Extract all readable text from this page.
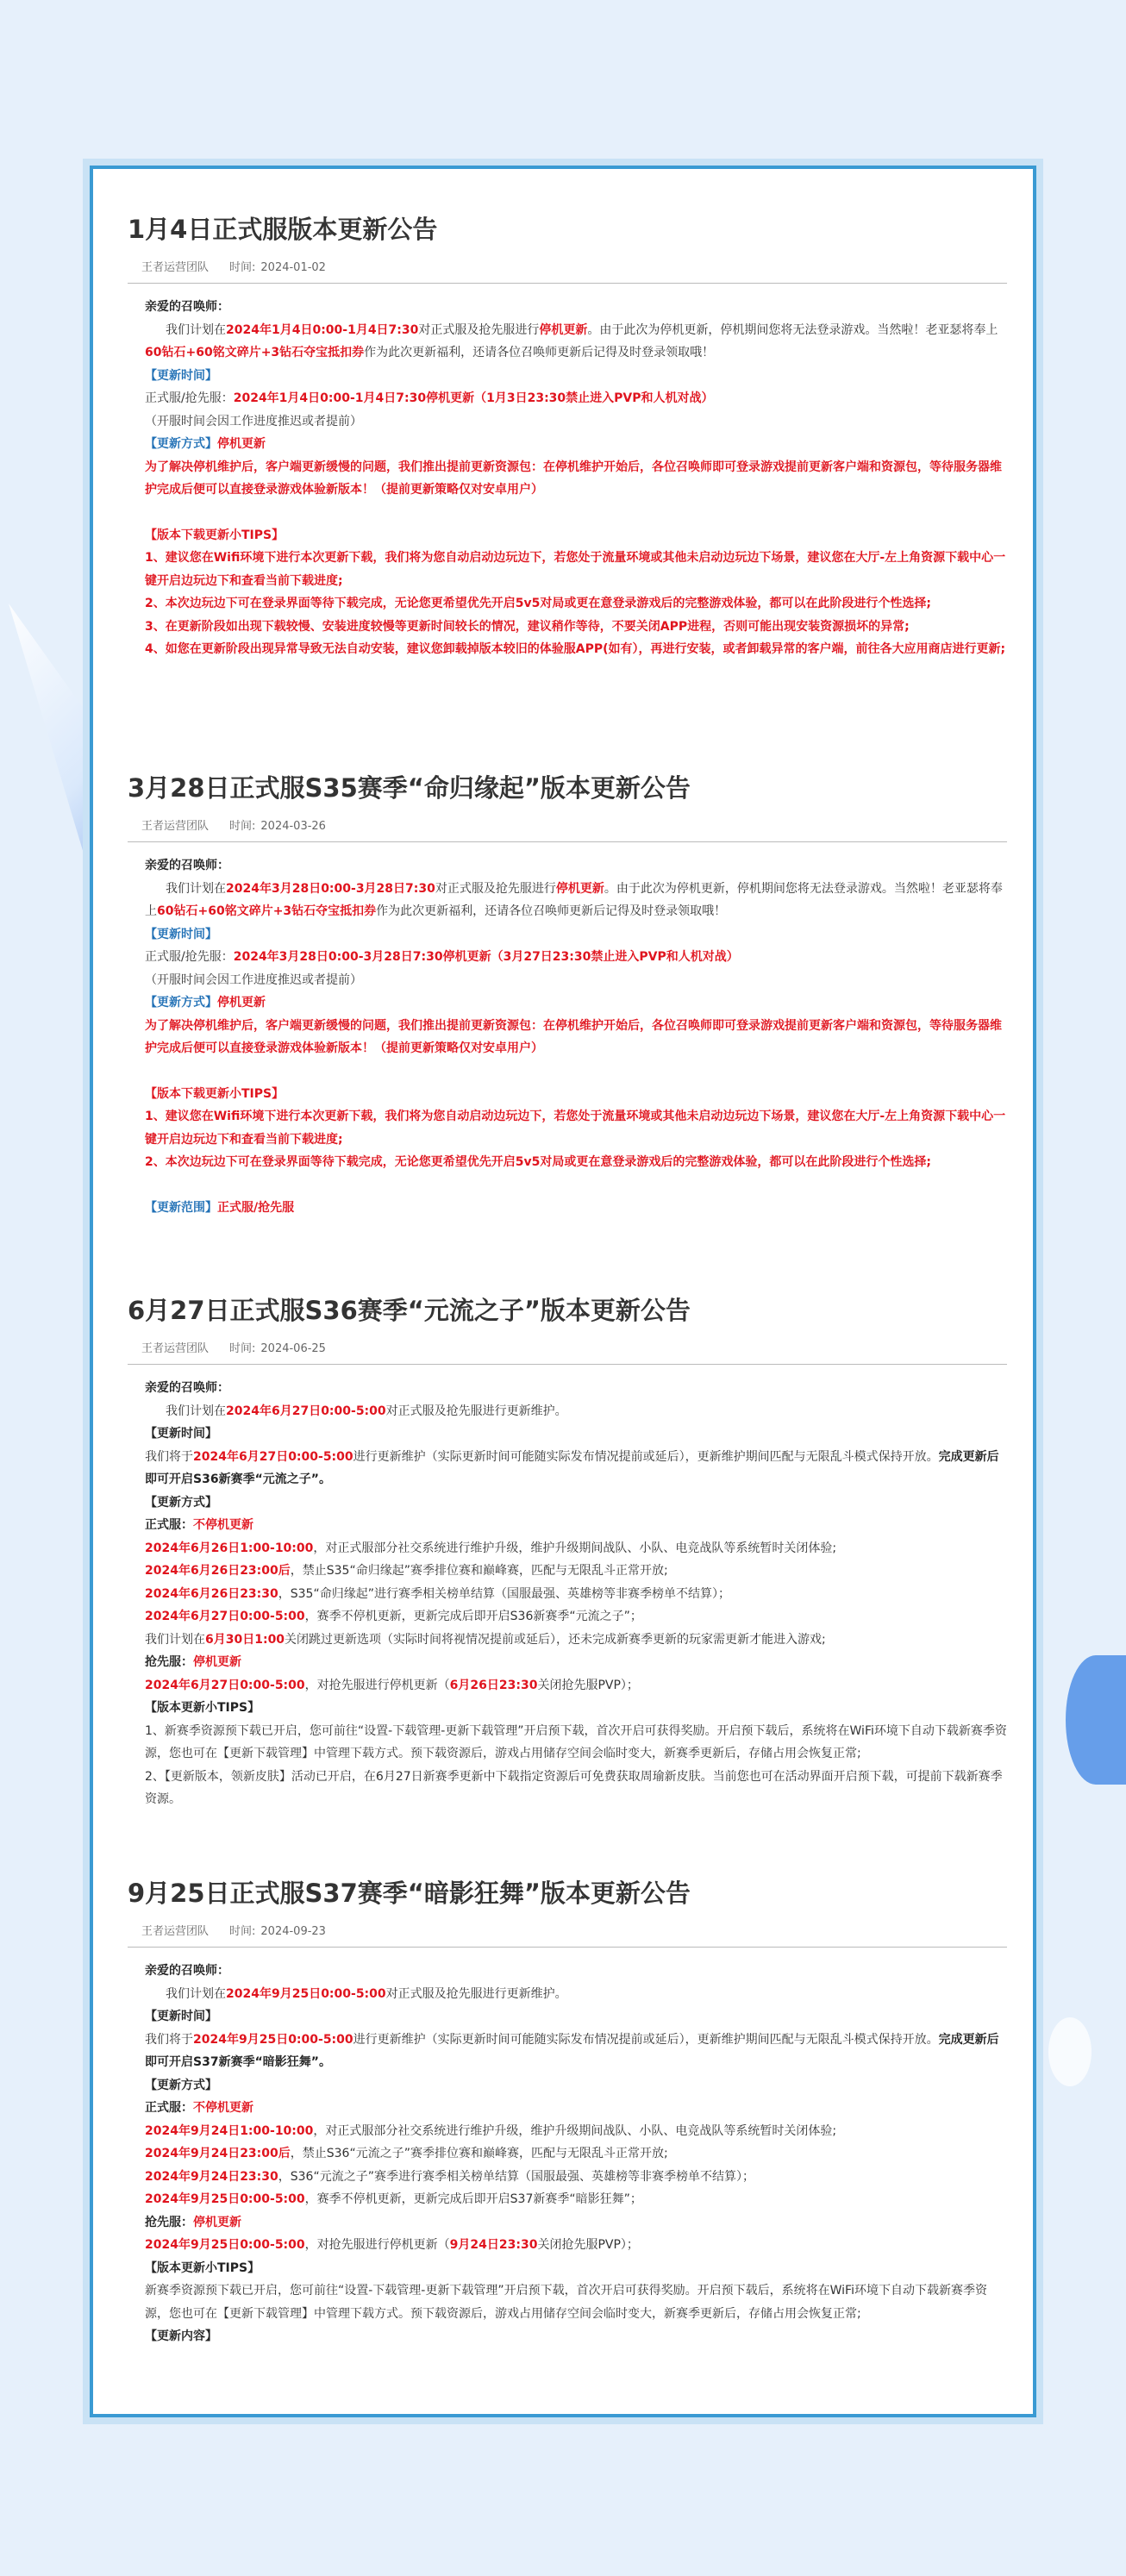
1月4日正式服版本更新公告
王者运营团队 时间: 2024-01-02

亲爱的召唤师：

我们计划在2024年1月4日0:00-1月4日7:30对正式服及抢先服进行停机更新。由于此次为停机更新，停机期间您将无法登录游戏。当然啦！老亚瑟将奉上60钻石+60铭文碎片+3钻石夺宝抵扣券作为此次更新福利，还请各位召唤师更新后记得及时登录领取哦！

【更新时间】

正式服/抢先服：2024年1月4日0:00-1月4日7:30停机更新（1月3日23:30禁止进入PVP和人机对战）

（开服时间会因工作进度推迟或者提前）

【更新方式】停机更新

为了解决停机维护后，客户端更新缓慢的问题，我们推出提前更新资源包：在停机维护开始后，各位召唤师即可登录游戏提前更新客户端和资源包，等待服务器维护完成后便可以直接登录游戏体验新版本！（提前更新策略仅对安卓用户）

【版本下载更新小TIPS】

1、建议您在Wifi环境下进行本次更新下载，我们将为您自动启动边玩边下，若您处于流量环境或其他未启动边玩边下场景，建议您在大厅-左上角资源下载中心一键开启边玩边下和查看当前下载进度;

2、本次边玩边下可在登录界面等待下载完成，无论您更希望优先开启5v5对局或更在意登录游戏后的完整游戏体验，都可以在此阶段进行个性选择;

3、在更新阶段如出现下载较慢、安装进度较慢等更新时间较长的情况，建议稍作等待，不要关闭APP进程，否则可能出现安装资源损坏的异常;

4、如您在更新阶段出现异常导致无法自动安装，建议您卸载掉版本较旧的体验服APP(如有），再进行安装，或者卸载异常的客户端，前往各大应用商店进行更新;

3月28日正式服S35赛季“命归缘起”版本更新公告
王者运营团队 时间: 2024-03-26

亲爱的召唤师：

我们计划在2024年3月28日0:00-3月28日7:30对正式服及抢先服进行停机更新。由于此次为停机更新，停机期间您将无法登录游戏。当然啦！老亚瑟将奉上60钻石+60铭文碎片+3钻石夺宝抵扣券作为此次更新福利，还请各位召唤师更新后记得及时登录领取哦！

【更新时间】

正式服/抢先服：2024年3月28日0:00-3月28日7:30停机更新（3月27日23:30禁止进入PVP和人机对战）

（开服时间会因工作进度推迟或者提前）

【更新方式】停机更新

为了解决停机维护后，客户端更新缓慢的问题，我们推出提前更新资源包：在停机维护开始后，各位召唤师即可登录游戏提前更新客户端和资源包，等待服务器维护完成后便可以直接登录游戏体验新版本！（提前更新策略仅对安卓用户）

【版本下载更新小TIPS】

1、建议您在Wifi环境下进行本次更新下载，我们将为您自动启动边玩边下，若您处于流量环境或其他未启动边玩边下场景，建议您在大厅-左上角资源下载中心一键开启边玩边下和查看当前下载进度;

2、本次边玩边下可在登录界面等待下载完成，无论您更希望优先开启5v5对局或更在意登录游戏后的完整游戏体验，都可以在此阶段进行个性选择;

【更新范围】正式服/抢先服

6月27日正式服S36赛季“元流之子”版本更新公告
王者运营团队 时间: 2024-06-25

亲爱的召唤师：

我们计划在2024年6月27日0:00-5:00对正式服及抢先服进行更新维护。

【更新时间】

我们将于2024年6月27日0:00-5:00进行更新维护（实际更新时间可能随实际发布情况提前或延后），更新维护期间匹配与无限乱斗模式保持开放。完成更新后即可开启S36新赛季“元流之子”。

【更新方式】

正式服：不停机更新

2024年6月26日1:00-10:00，对正式服部分社交系统进行维护升级，维护升级期间战队、小队、电竞战队等系统暂时关闭体验;

2024年6月26日23:00后，禁止S35“命归缘起”赛季排位赛和巅峰赛，匹配与无限乱斗正常开放;

2024年6月26日23:30，S35“命归缘起”进行赛季相关榜单结算（国服最强、英雄榜等非赛季榜单不结算）；

2024年6月27日0:00-5:00，赛季不停机更新，更新完成后即开启S36新赛季“元流之子”；

我们计划在6月30日1:00关闭跳过更新选项（实际时间将视情况提前或延后），还未完成新赛季更新的玩家需更新才能进入游戏;

抢先服：停机更新

2024年6月27日0:00-5:00，对抢先服进行停机更新（6月26日23:30关闭抢先服PVP）；

【版本更新小TIPS】

1、新赛季资源预下载已开启，您可前往“设置-下载管理-更新下载管理”开启预下载，首次开启可获得奖励。开启预下载后，系统将在WiFi环境下自动下载新赛季资源，您也可在【更新下载管理】中管理下载方式。预下载资源后，游戏占用储存空间会临时变大，新赛季更新后，存储占用会恢复正常;

2、【更新版本，领新皮肤】活动已开启，在6月27日新赛季更新中下载指定资源后可免费获取周瑜新皮肤。当前您也可在活动界面开启预下载，可提前下载新赛季资源。

9月25日正式服S37赛季“暗影狂舞”版本更新公告
王者运营团队 时间: 2024-09-23

亲爱的召唤师：

我们计划在2024年9月25日0:00-5:00对正式服及抢先服进行更新维护。

【更新时间】

我们将于2024年9月25日0:00-5:00进行更新维护（实际更新时间可能随实际发布情况提前或延后），更新维护期间匹配与无限乱斗模式保持开放。完成更新后即可开启S37新赛季“暗影狂舞”。

【更新方式】

正式服：不停机更新

2024年9月24日1:00-10:00，对正式服部分社交系统进行维护升级，维护升级期间战队、小队、电竞战队等系统暂时关闭体验;

2024年9月24日23:00后，禁止S36“元流之子”赛季排位赛和巅峰赛，匹配与无限乱斗正常开放;

2024年9月24日23:30，S36“元流之子”赛季进行赛季相关榜单结算（国服最强、英雄榜等非赛季榜单不结算）；

2024年9月25日0:00-5:00，赛季不停机更新，更新完成后即开启S37新赛季“暗影狂舞”；

抢先服：停机更新

2024年9月25日0:00-5:00，对抢先服进行停机更新（9月24日23:30关闭抢先服PVP）；

【版本更新小TIPS】

新赛季资源预下载已开启，您可前往“设置-下载管理-更新下载管理”开启预下载，首次开启可获得奖励。开启预下载后，系统将在WiFi环境下自动下载新赛季资源，您也可在【更新下载管理】中管理下载方式。预下载资源后，游戏占用储存空间会临时变大，新赛季更新后，存储占用会恢复正常;

【更新内容】
